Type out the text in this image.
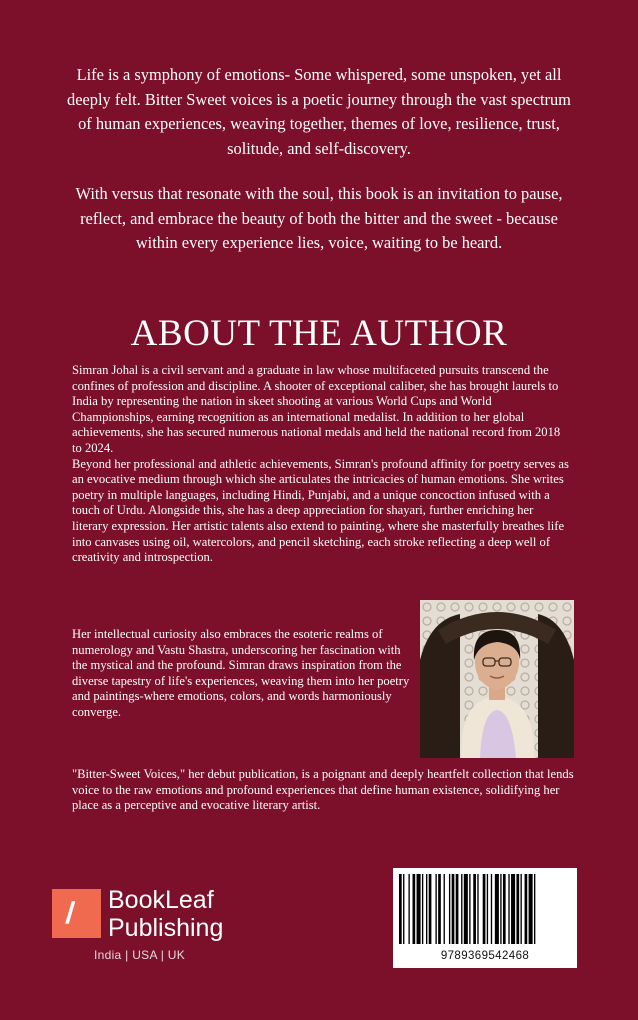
Life is a symphony of emotions- Some whispered, some unspoken, yet all deeply felt. Bitter Sweet voices is a poetic journey through the vast spectrum of human experiences, weaving together, themes of love, resilience, trust, solitude, and self-discovery.

With versus that resonate with the soul, this book is an invitation to pause, reflect, and embrace the beauty of both the bitter and the sweet - because within every experience lies, voice, waiting to be heard.

ABOUT THE AUTHOR
Simran Johal is a civil servant and a graduate in law whose multifaceted pursuits transcend the confines of profession and discipline. A shooter of exceptional caliber, she has brought laurels to India by representing the nation in skeet shooting at various World Cups and World Championships, earning recognition as an international medalist. In addition to her global achievements, she has secured numerous national medals and held the national record from 2018 to 2024.
Beyond her professional and athletic achievements, Simran's profound affinity for poetry serves as an evocative medium through which she articulates the intricacies of human emotions. She writes poetry in multiple languages, including Hindi, Punjabi, and a unique concoction infused with a touch of Urdu. Alongside this, she has a deep appreciation for shayari, further enriching her literary expression. Her artistic talents also extend to painting, where she masterfully breathes life into canvases using oil, watercolors, and pencil sketching, each stroke reflecting a deep well of creativity and introspection.

Her intellectual curiosity also embraces the esoteric realms of numerology and Vastu Shastra, underscoring her fascination with the mystical and the profound. Simran draws inspiration from the diverse tapestry of life's experiences, weaving them into her poetry and paintings-where emotions, colors, and words harmoniously converge.

"Bitter-Sweet Voices," her debut publication, is a poignant and deeply heartfelt collection that lends voice to the raw emotions and profound experiences that define human existence, solidifying her place as a perceptive and evocative literary artist.

/ BookLeaf
Publishing
India | USA | UK	9789369542468
